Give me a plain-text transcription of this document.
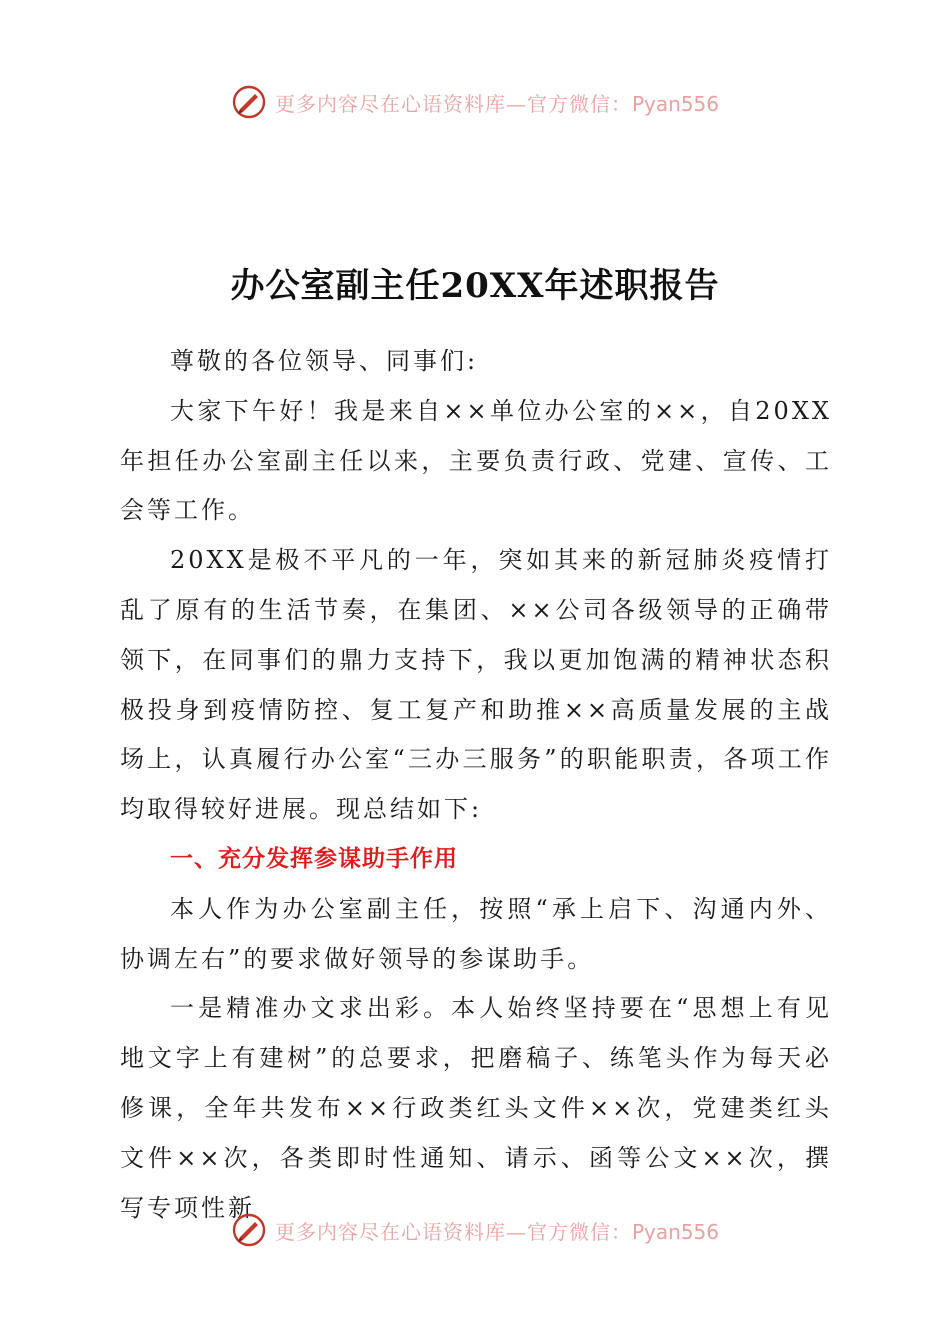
更多内容尽在心语资料库—官方微信：Pyan556
办公室副主任20XX年述职报告

尊敬的各位领导、同事们:

大家下午好！我是来自××单位办公室的××，自20XX年担任办公室副主任以来，主要负责行政、党建、宣传、工会等工作。

20XX是极不平凡的一年，突如其来的新冠肺炎疫情打乱了原有的生活节奏，在集团、××公司各级领导的正确带领下，在同事们的鼎力支持下，我以更加饱满的精神状态积极投身到疫情防控、复工复产和助推××高质量发展的主战场上，认真履行办公室“三办三服务”的职能职责，各项工作均取得较好进展。现总结如下:

一、充分发挥参谋助手作用

本人作为办公室副主任，按照“承上启下、沟通内外、协调左右”的要求做好领导的参谋助手。

一是精准办文求出彩。本人始终坚持要在“思想上有见地文字上有建树”的总要求，把磨稿子、练笔头作为每天必修课，全年共发布××行政类红头文件××次，党建类红头文件××次，各类即时性通知、请示、函等公文××次，撰写专项性新

更多内容尽在心语资料库—官方微信：Pyan556
